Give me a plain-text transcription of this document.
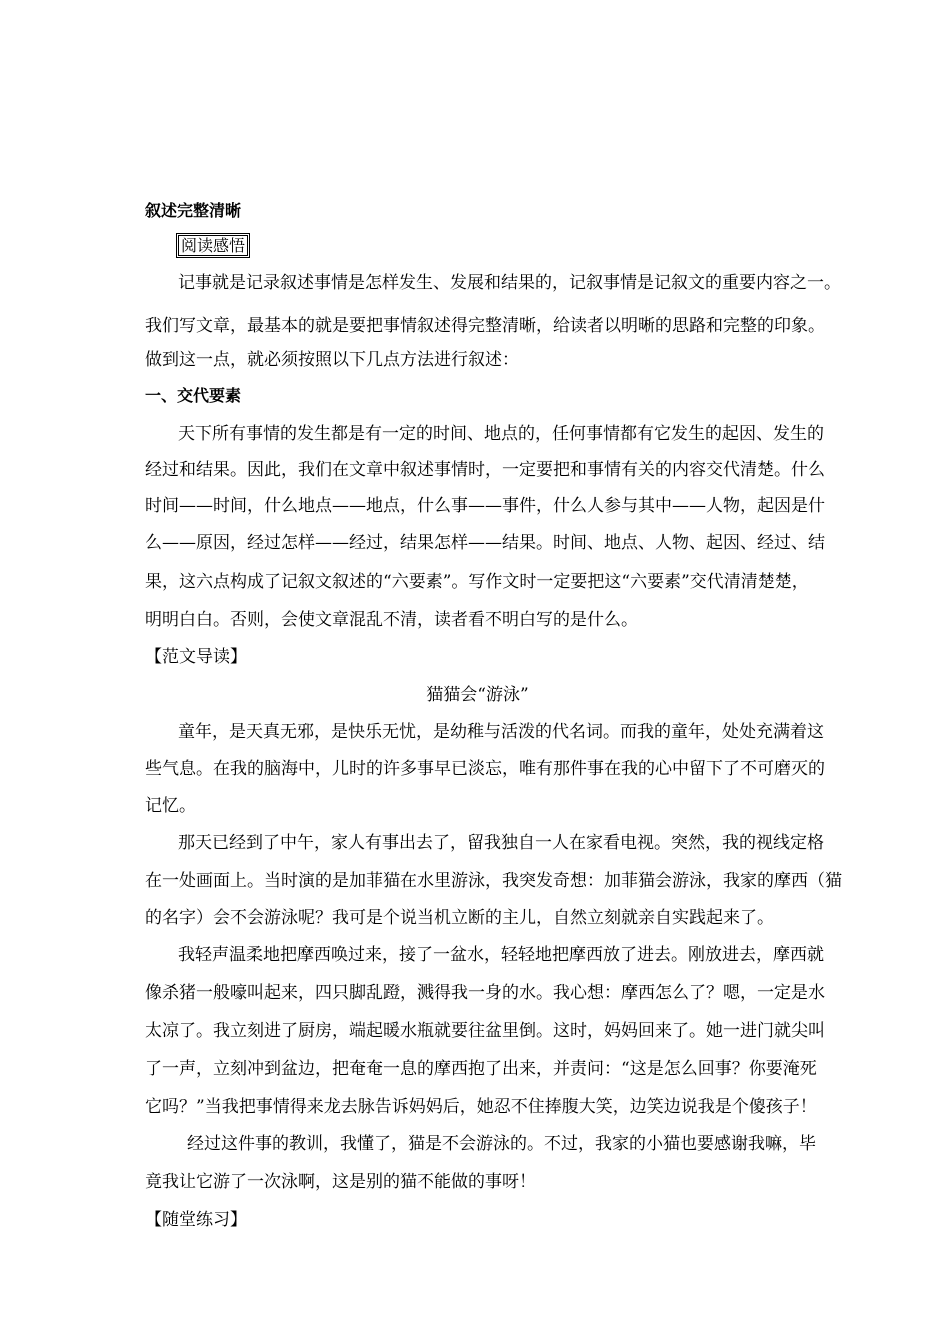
叙述完整清晰
阅读感悟
记事就是记录叙述事情是怎样发生、发展和结果的，记叙事情是记叙文的重要内容之一。
我们写文章，最基本的就是要把事情叙述得完整清晰，给读者以明晰的思路和完整的印象。
做到这一点，就必须按照以下几点方法进行叙述：
一、交代要素
天下所有事情的发生都是有一定的时间、地点的，任何事情都有它发生的起因、发生的
经过和结果。因此，我们在文章中叙述事情时，一定要把和事情有关的内容交代清楚。什么
时间——时间，什么地点——地点，什么事——事件，什么人参与其中——人物，起因是什
么——原因，经过怎样——经过，结果怎样——结果。时间、地点、人物、起因、经过、结
果，这六点构成了记叙文叙述的“六要素”。写作文时一定要把这“六要素”交代清清楚楚，
明明白白。否则，会使文章混乱不清，读者看不明白写的是什么。
【范文导读】
猫猫会“游泳”
童年，是天真无邪，是快乐无忧，是幼稚与活泼的代名词。而我的童年，处处充满着这
些气息。在我的脑海中，儿时的许多事早已淡忘，唯有那件事在我的心中留下了不可磨灭的
记忆。
那天已经到了中午，家人有事出去了，留我独自一人在家看电视。突然，我的视线定格
在一处画面上。当时演的是加菲猫在水里游泳，我突发奇想：加菲猫会游泳，我家的摩西（猫
的名字）会不会游泳呢？我可是个说当机立断的主儿，自然立刻就亲自实践起来了。
我轻声温柔地把摩西唤过来，接了一盆水，轻轻地把摩西放了进去。刚放进去，摩西就
像杀猪一般嚎叫起来，四只脚乱蹬，溅得我一身的水。我心想：摩西怎么了？嗯，一定是水
太凉了。我立刻进了厨房，端起暖水瓶就要往盆里倒。这时，妈妈回来了。她一进门就尖叫
了一声，立刻冲到盆边，把奄奄一息的摩西抱了出来，并责问：“这是怎么回事？你要淹死
它吗？”当我把事情得来龙去脉告诉妈妈后，她忍不住捧腹大笑，边笑边说我是个傻孩子！
经过这件事的教训，我懂了，猫是不会游泳的。不过，我家的小猫也要感谢我嘛，毕
竟我让它游了一次泳啊，这是别的猫不能做的事呀！
【随堂练习】
